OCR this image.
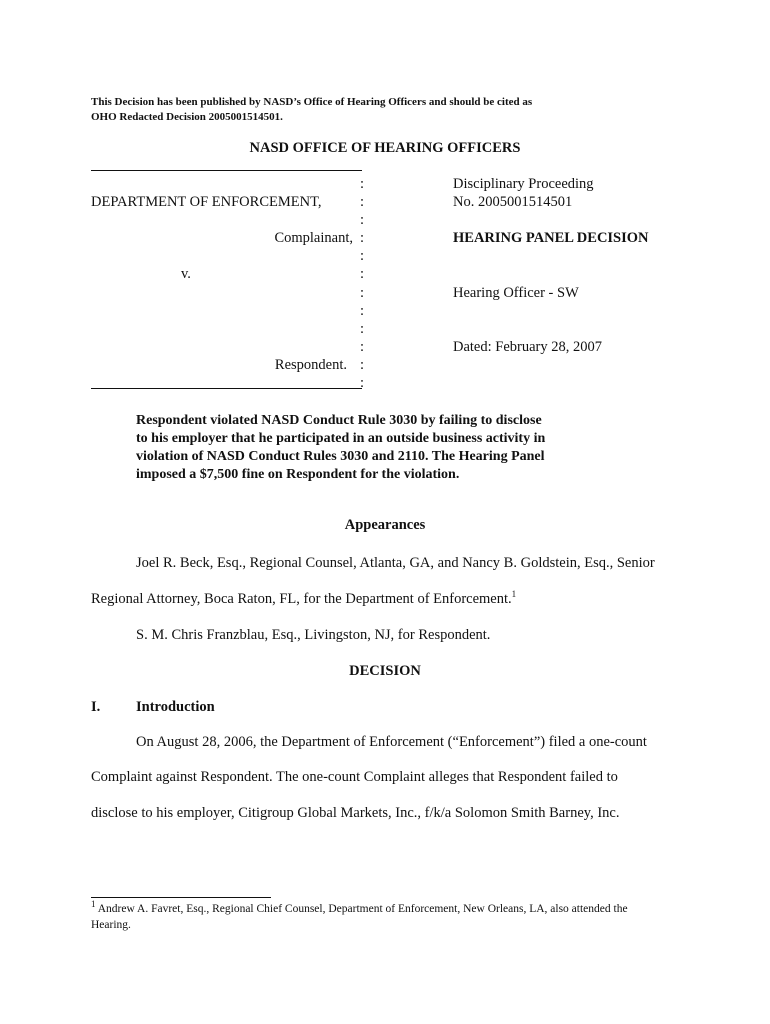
This Decision has been published by NASD’s Office of Hearing Officers and should be cited as
OHO Redacted Decision 2005001514501.
NASD OFFICE OF HEARING OFFICERS
:
:
:
:
:
:
:
:
:
:
:
:
DEPARTMENT OF ENFORCEMENT,
Complainant,
v.
Respondent.
Disciplinary Proceeding
No. 2005001514501
HEARING PANEL DECISION
Hearing Officer - SW
Dated: February 28, 2007
Respondent violated NASD Conduct Rule 3030 by failing to disclose
to his employer that he participated in an outside business activity in
violation of NASD Conduct Rules 3030 and 2110. The Hearing Panel
imposed a $7,500 fine on Respondent for the violation.
Appearances
Joel R. Beck, Esq., Regional Counsel, Atlanta, GA, and Nancy B. Goldstein, Esq., Senior
Regional Attorney, Boca Raton, FL, for the Department of Enforcement.$^1$
S. M. Chris Franzblau, Esq., Livingston, NJ, for Respondent.
DECISION
I. Introduction
On August 28, 2006, the Department of Enforcement (“Enforcement”) filed a one-count
Complaint against Respondent. The one-count Complaint alleges that Respondent failed to
disclose to his employer, Citigroup Global Markets, Inc., f/k/a Solomon Smith Barney, Inc.
$^1$ Andrew A. Favret, Esq., Regional Chief Counsel, Department of Enforcement, New Orleans, LA, also attended the
Hearing.
